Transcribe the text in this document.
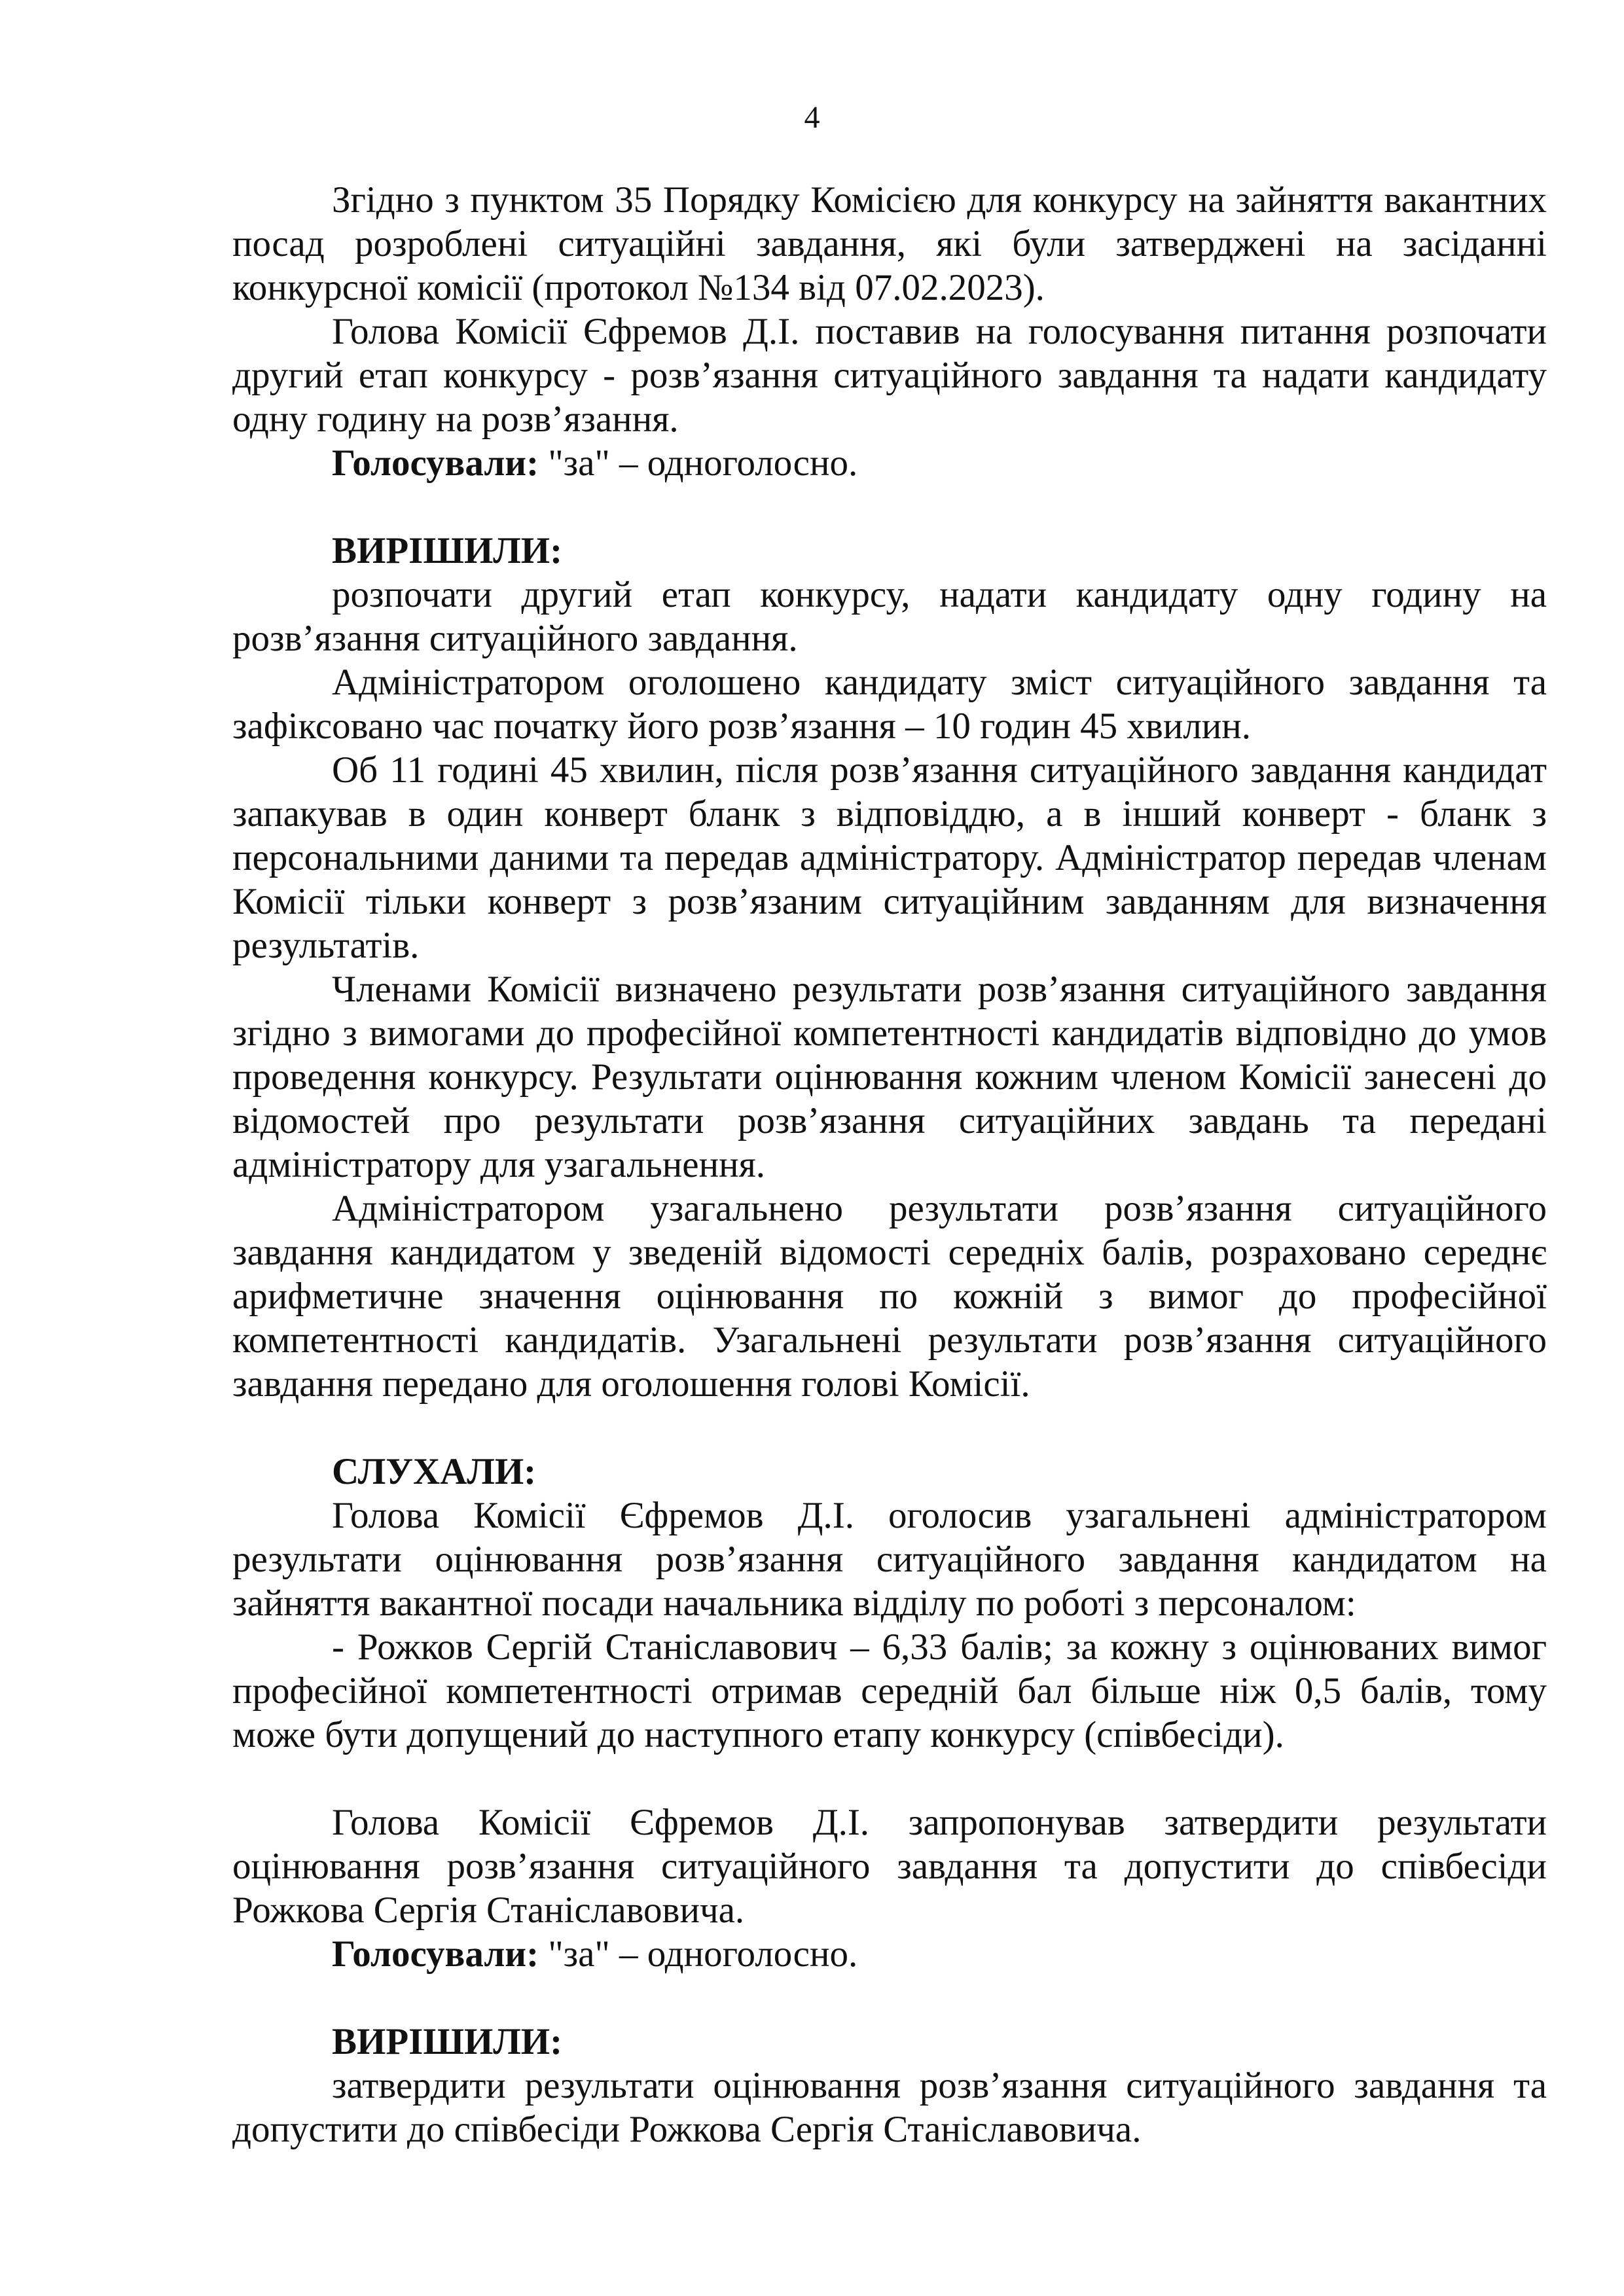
4

Згідно з пунктом 35 Порядку Комісією для конкурсу на зайняття вакантних посад розроблені ситуаційні завдання, які були затверджені на засіданні конкурсної комісії (протокол №134 від 07.02.2023).

Голова Комісії Єфремов Д.І. поставив на голосування питання розпочати другий етап конкурсу - розв’язання ситуаційного завдання та надати кандидату одну годину на розв’язання.

Голосували: "за" – одноголосно.

ВИРІШИЛИ:

розпочати другий етап конкурсу, надати кандидату одну годину на розв’язання ситуаційного завдання.

Адміністратором оголошено кандидату зміст ситуаційного завдання та зафіксовано час початку його розв’язання – 10 годин 45 хвилин.

Об 11 годині 45 хвилин, після розв’язання ситуаційного завдання кандидат запакував в один конверт бланк з відповіддю, а в інший конверт - бланк з персональними даними та передав адміністратору. Адміністратор передав членам Комісії тільки конверт з розв’язаним ситуаційним завданням для визначення результатів.

Членами Комісії визначено результати розв’язання ситуаційного завдання згідно з вимогами до професійної компетентності кандидатів відповідно до умов проведення конкурсу. Результати оцінювання кожним членом Комісії занесені до відомостей про результати розв’язання ситуаційних завдань та передані адміністратору для узагальнення.

Адміністратором узагальнено результати розв’язання ситуаційного завдання кандидатом у зведеній відомості середніх балів, розраховано середнє арифметичне значення оцінювання по кожній з вимог до професійної компетентності кандидатів. Узагальнені результати розв’язання ситуаційного завдання передано для оголошення голові Комісії.

СЛУХАЛИ:

Голова Комісії Єфремов Д.І. оголосив узагальнені адміністратором результати оцінювання розв’язання ситуаційного завдання кандидатом на зайняття вакантної посади начальника відділу по роботі з персоналом:

- Рожков Сергій Станіславович – 6,33 балів; за кожну з оцінюваних вимог професійної компетентності отримав середній бал більше ніж 0,5 балів, тому може бути допущений до наступного етапу конкурсу (співбесіди).

Голова Комісії Єфремов Д.І. запропонував затвердити результати оцінювання розв’язання ситуаційного завдання та допустити до співбесіди Рожкова Сергія Станіславовича.

Голосували: "за" – одноголосно.

ВИРІШИЛИ:

затвердити результати оцінювання розв’язання ситуаційного завдання та допустити до співбесіди Рожкова Сергія Станіславовича.
